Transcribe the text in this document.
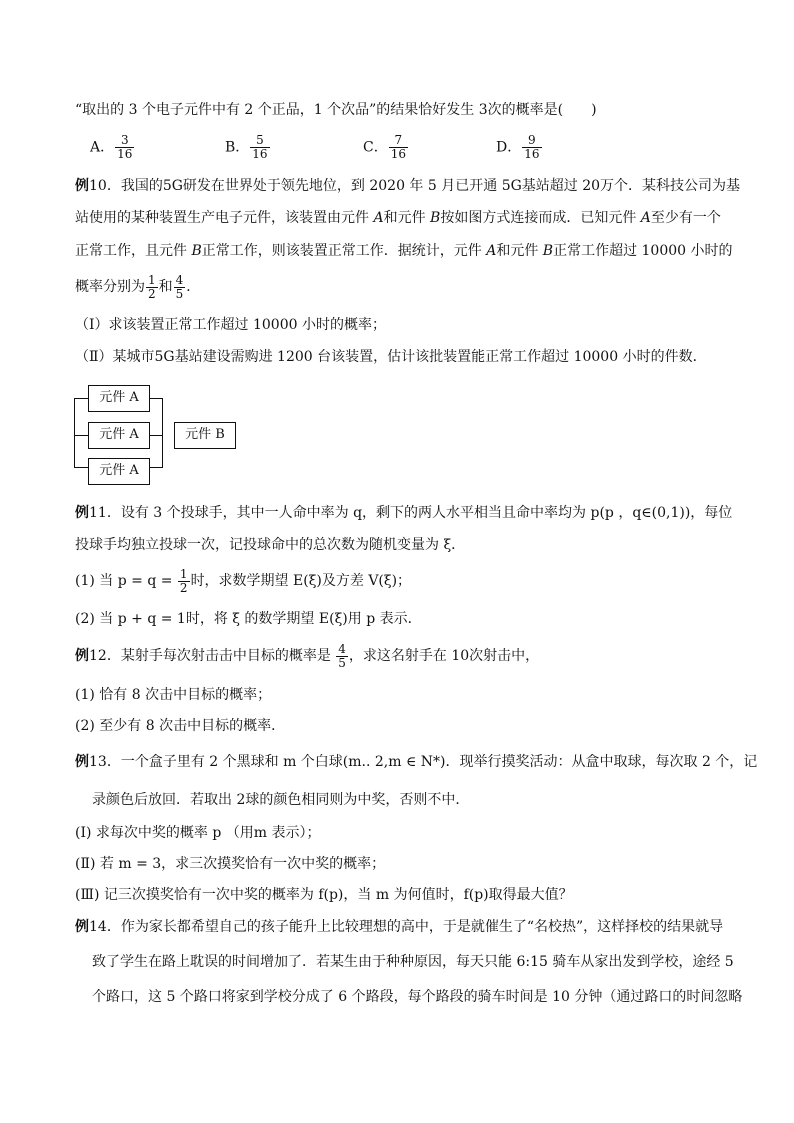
“取出的 3 个电子元件中有 2 个正品，1 个次品”的结果恰好发生 3次的概率是(　　)
A． $\frac{3}{16}$	B． $\frac{5}{16}$	C． $\frac{7}{16}$	D． $\frac{9}{16}$
例10．我国的5G研发在世界处于领先地位，到 2020 年 5 月已开通 5G基站超过 20万个．某科技公司为基
站使用的某种装置生产电子元件，该装置由元件 A和元件 B按如图方式连接而成．已知元件 A至少有一个
正常工作，且元件 B正常工作，则该装置正常工作．据统计，元件 A和元件 B正常工作超过 10000 小时的
概率分别为 $\frac{1}{2}$ 和 $\frac{4}{5}$ ．
（Ⅰ）求该装置正常工作超过 10000 小时的概率；
（Ⅱ）某城市5G基站建设需购进 1200 台该装置，估计该批装置能正常工作超过 10000 小时的件数．
元件 A
元件 A
元件 A
元件 B
例11．设有 3 个投球手，其中一人命中率为 q，剩下的两人水平相当且命中率均为 p(p ，q∈(0,1))，每位
投球手均独立投球一次，记投球命中的总次数为随机变量为 ξ．
(1) 当 $p = q = \frac{1}{2}$ 时，求数学期望 E(ξ)及方差 V(ξ)；
(2) 当 p + q = 1时，将 ξ 的数学期望 E(ξ)用 p 表示．
例12．某射手每次射击击中目标的概率是 $\frac{4}{5}$ ，求这名射手在 10次射击中，
(1) 恰有 8 次击中目标的概率；
(2) 至少有 8 次击中目标的概率．
例13．一个盒子里有 2 个黑球和 m 个白球(m.. 2,m ∈ N*)．现举行摸奖活动：从盒中取球，每次取 2 个，记
录颜色后放回．若取出 2球的颜色相同则为中奖，否则不中．
(Ⅰ) 求每次中奖的概率 p （用m 表示）；
(Ⅱ) 若 m = 3，求三次摸奖恰有一次中奖的概率；
(Ⅲ) 记三次摸奖恰有一次中奖的概率为 f(p)，当 m 为何值时，f(p)取得最大值？
例14．作为家长都希望自己的孩子能升上比较理想的高中，于是就催生了“名校热”，这样择校的结果就导
致了学生在路上耽误的时间增加了．若某生由于种种原因，每天只能 6:15 骑车从家出发到学校，途经 5
个路口，这 5 个路口将家到学校分成了 6 个路段，每个路段的骑车时间是 10 分钟（通过路口的时间忽略
